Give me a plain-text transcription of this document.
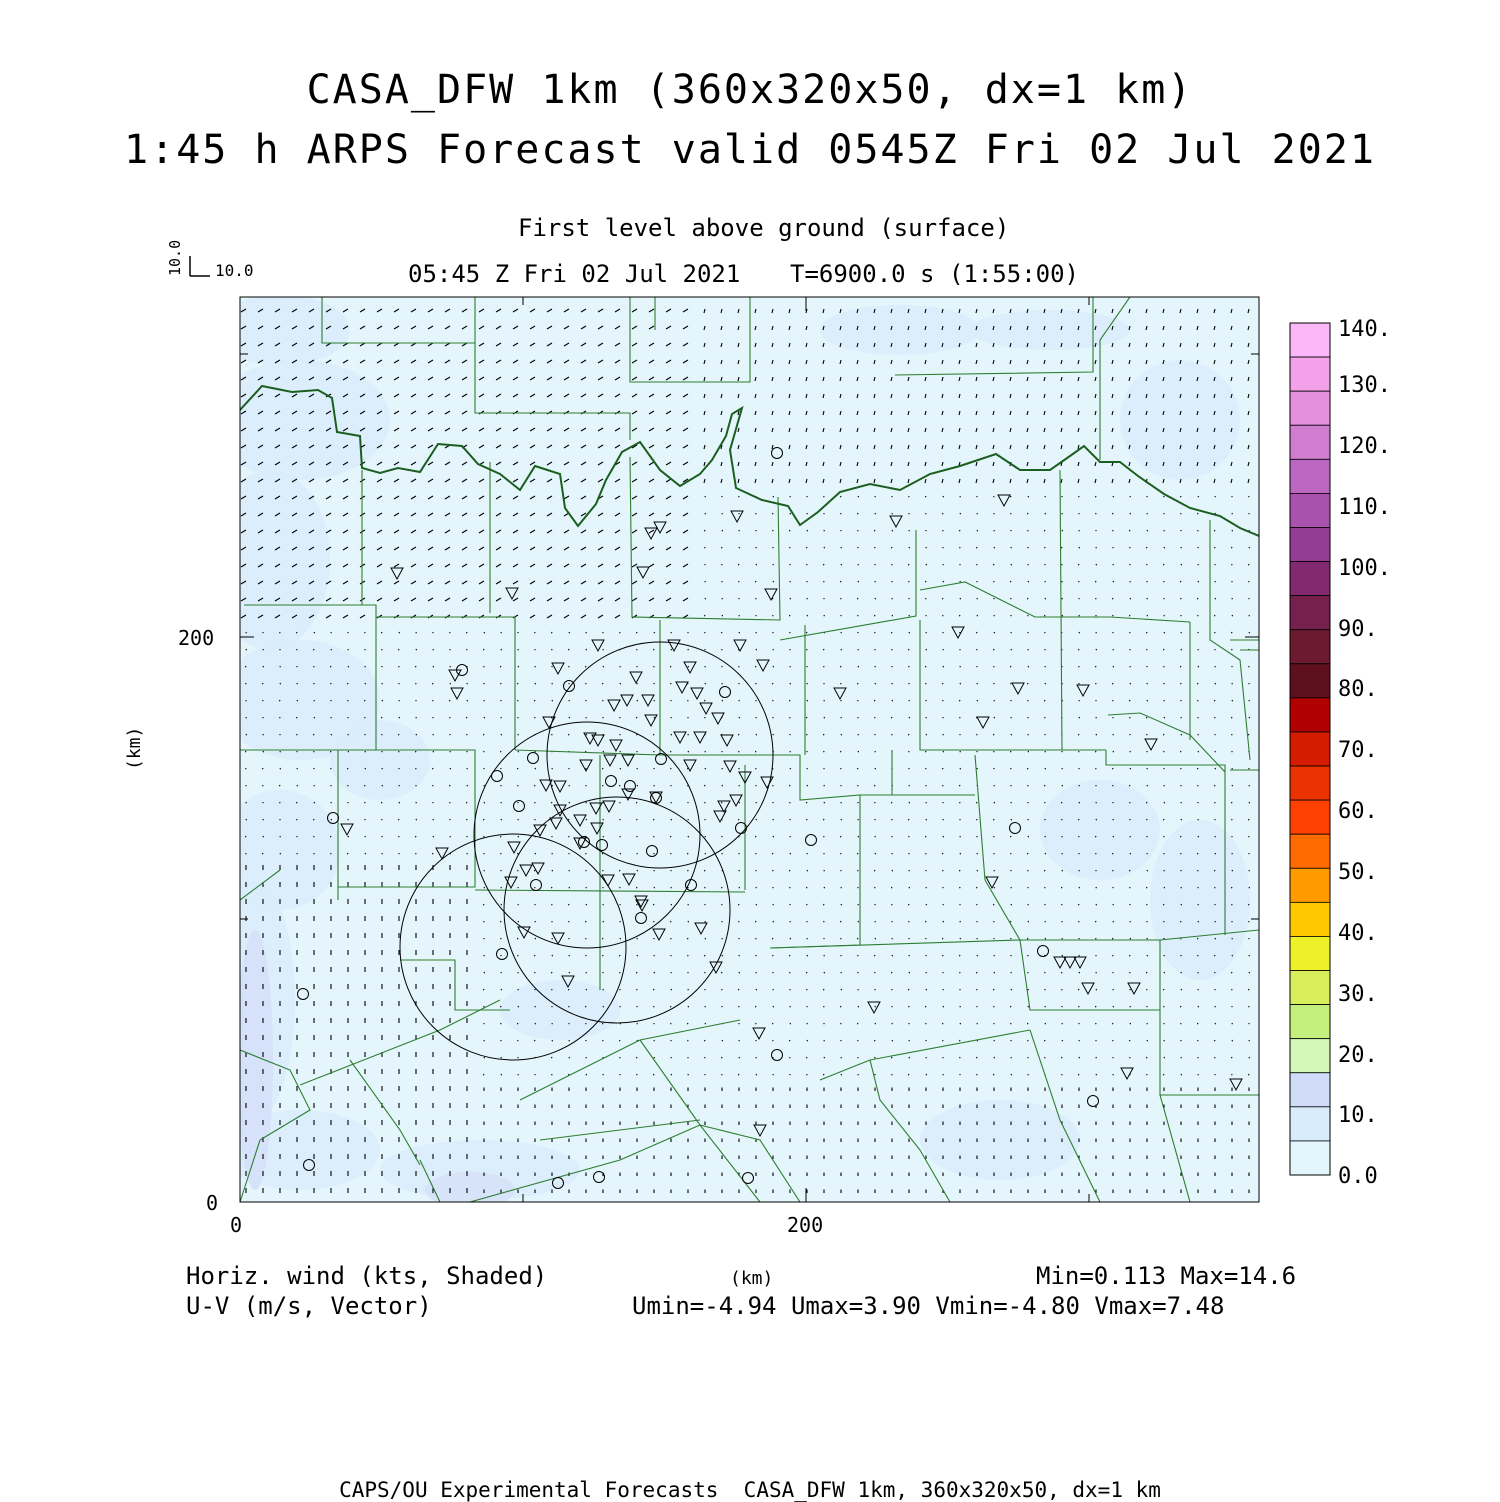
CASA_DFW 1km (360x320x50, dx=1 km)
1:45 h ARPS Forecast valid 0545Z Fri 02 Jul 2021
First level above ground (surface)
05:45 Z Fri 02 Jul 2021 T=6900.0 s (1:55:00)
10.0 10.0
200
0
0	200
(km)
(km)
140.
130.
120.
110.
100.
90.
80.
70.
60.
50.
40.
30.
20.
10.
0.0
Horiz. wind (kts, Shaded)
U-V (m/s, Vector)
Min=0.113 Max=14.6
Umin=-4.94 Umax=3.90 Vmin=-4.80 Vmax=7.48
CAPS/OU Experimental Forecasts  CASA_DFW 1km, 360x320x50, dx=1 km
